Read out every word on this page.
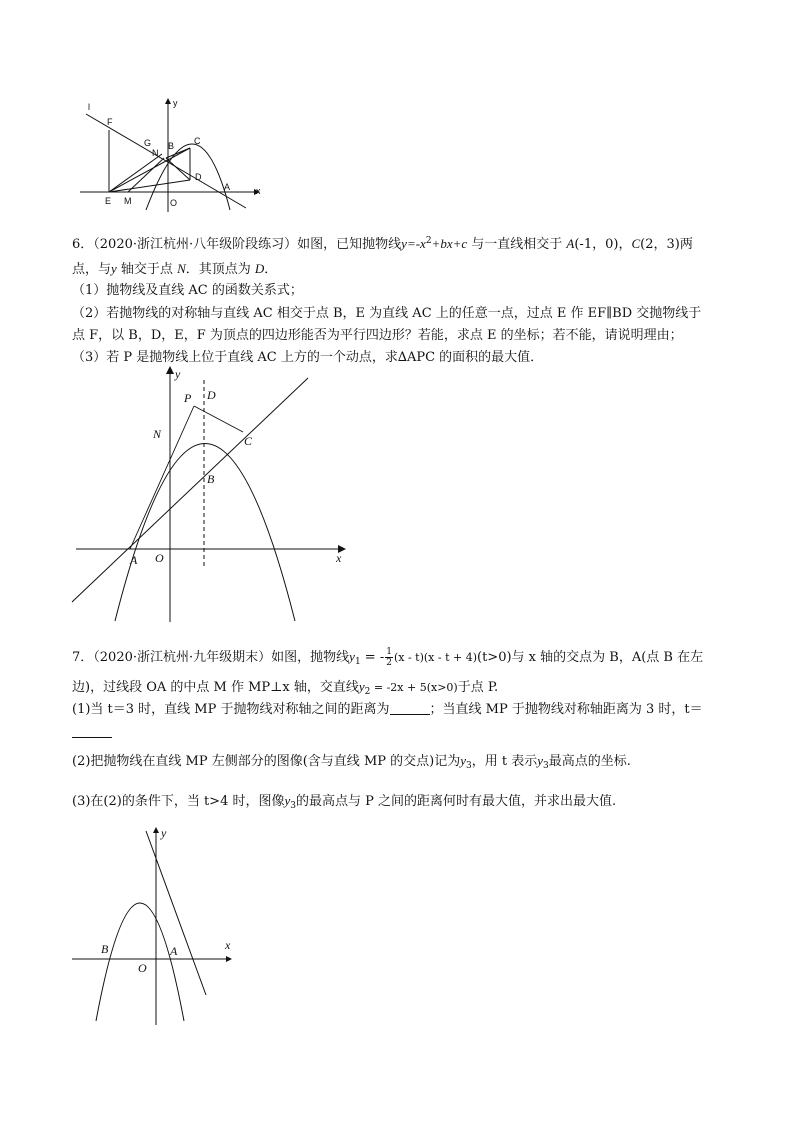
l
F
y
G
N
B C
D
E M	O
A	x
6．（2020·浙江杭州·八年级阶段练习）如图，已知抛物线$y=-x^2+bx+c$ 与一直线相交于 A(-1，0)，C(2，3)两
点，与y 轴交于点 N．其顶点为 D．
（1）抛物线及直线 AC 的函数关系式；
（2）若抛物线的对称轴与直线 AC 相交于点 B，E 为直线 AC 上的任意一点，过点 E 作 EF∥BD 交抛物线于
点 F，以 B，D，E，F 为顶点的四边形能否为平行四边形？若能，求点 E 的坐标；若不能，请说明理由；
（3）若 P 是抛物线上位于直线 AC 上方的一个动点，求∆APC 的面积的最大值．
y
P D
N	C
B
A O	x
7．（2020·浙江杭州·九年级期末）如图，抛物线$y_1$ = - $\frac{1}{2} (x - t)(x - t + 4)(t>0)$与 x 轴的交点为 B，A(点 B 在左
边)，过线段 OA 的中点 M 作 MP⊥x 轴，交直线$y_2 = -2x + 5(x>0)$于点 P.
(1)当 t＝3 时，直线 MP 于抛物线对称轴之间的距离为	；当直线 MP 于抛物线对称轴距离为 3 时，t＝
(2)把抛物线在直线 MP 左侧部分的图像(含与直线 MP 的交点)记为$y_3$，用 t 表示$y_3$最高点的坐标.
(3)在(2)的条件下，当 t>4 时，图像$y_3$的最高点与 P 之间的距离何时有最大值，并求出最大值.
y
x
B
O
A
